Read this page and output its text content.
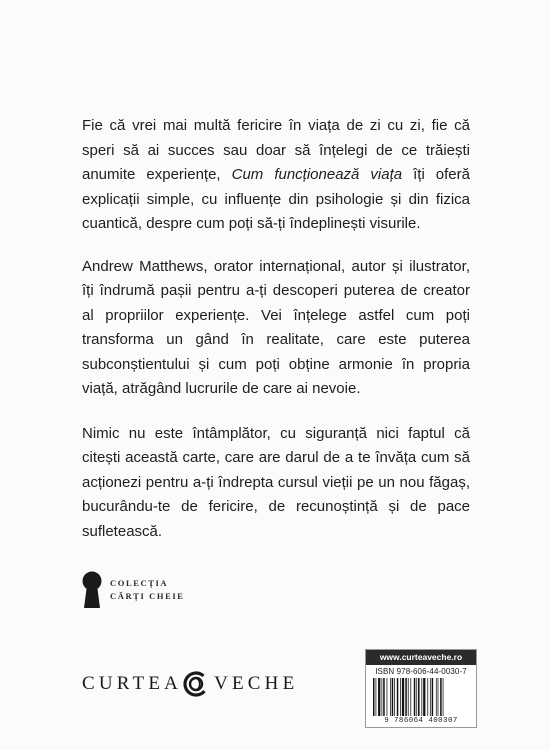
Fie că vrei mai multă fericire în viața de zi cu zi, fie că speri să ai succes sau doar să înțelegi de ce trăiești anumite experiențe, Cum funcționează viața îți oferă explicații simple, cu influențe din psihologie și din fizica cuantică, despre cum poți să-ți îndeplinești visurile.

Andrew Matthews, orator internațional, autor și ilustrator, îți îndrumă pașii pentru a-ți descoperi puterea de creator al propriilor experiențe. Vei înțelege astfel cum poți transforma un gând în realitate, care este puterea subconștientului și cum poți obține armonie în propria viață, atrăgând lucrurile de care ai nevoie.

Nimic nu este întâmplător, cu siguranță nici faptul că citești această carte, care are darul de a te învăța cum să acționezi pentru a-ți îndrepta cursul vieții pe un nou făgaș, bucurându-te de fericire, de recunoștință și de pace sufletească.

COLECȚIA
CĂRȚI CHEIE
CURTEA VECHE
www.curteaveche.ro
ISBN 978-606-44-0030-7
9 786064 400307
